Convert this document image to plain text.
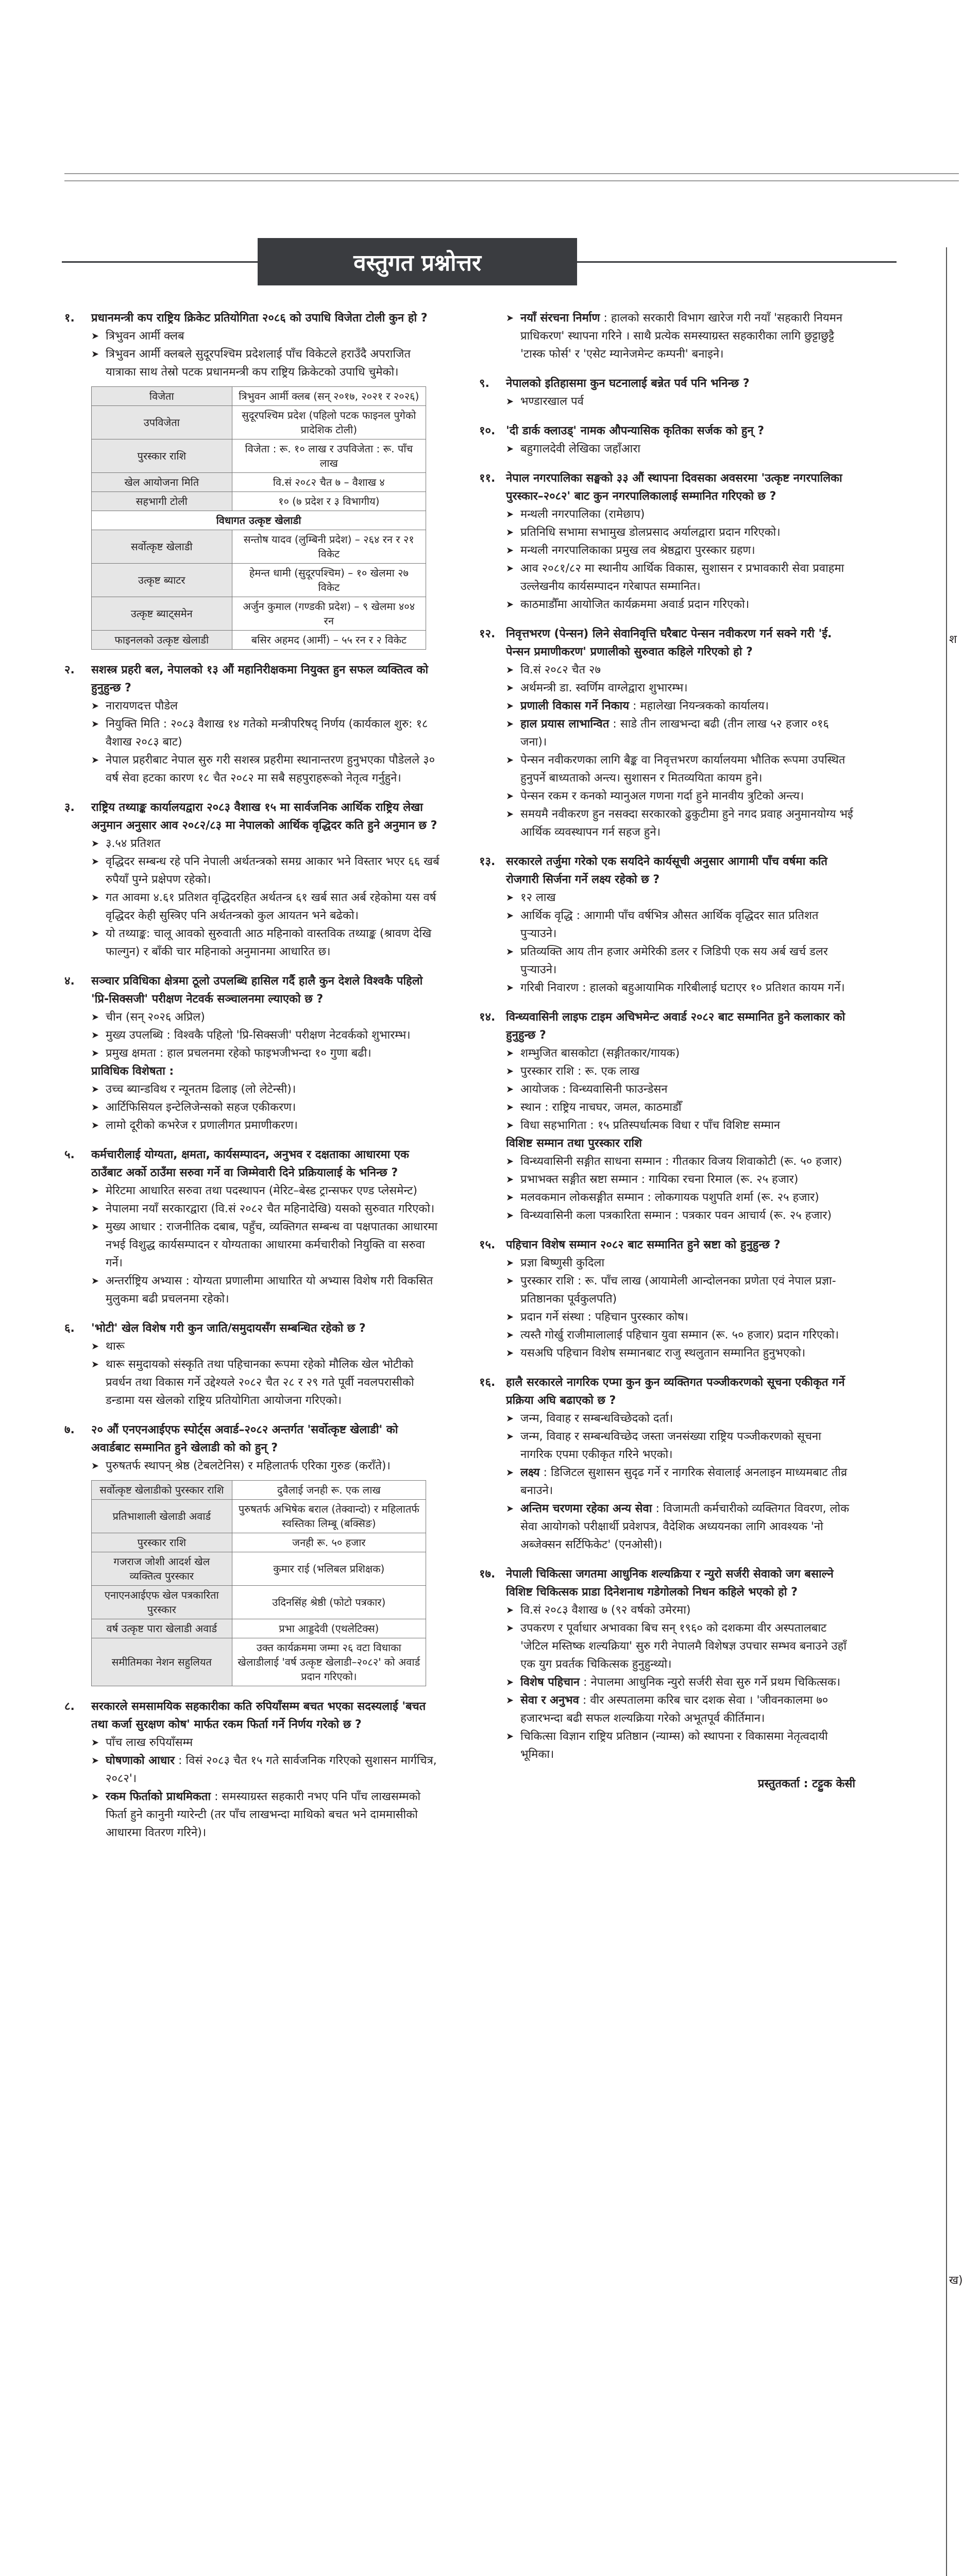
वस्तुगत प्रश्नोत्तर
१.	प्रधानमन्त्री कप राष्ट्रिय क्रिकेट प्रतियोगिता २०८६ को उपाधि विजेता टोली कुन हो ?
➤ त्रिभुवन आर्मी क्लब
➤ त्रिभुवन आर्मी क्लबले सुदूरपश्चिम प्रदेशलाई पाँच विकेटले हराउँदै अपराजित यात्राका साथ तेस्रो पटक प्रधानमन्त्री कप राष्ट्रिय क्रिकेटको उपाधि चुमेको।
विजेता	त्रिभुवन आर्मी क्लब (सन् २०१७, २०२१ र २०२६)
उपविजेता	सुदूरपश्चिम प्रदेश (पहिलो पटक फाइनल पुगेको प्रादेशिक टोली)
पुरस्कार राशि	विजेता : रू. १० लाख र उपविजेता : रू. पाँच लाख
खेल आयोजना मिति	वि.सं २०८२ चैत ७ – वैशाख ४
सहभागी टोली	१० (७ प्रदेश र ३ विभागीय)
विधागत उत्कृष्ट खेलाडी	
सर्वोत्कृष्ट खेलाडी	सन्तोष यादव (लुम्बिनी प्रदेश) – २६४ रन र २१ विकेट
उत्कृष्ट ब्याटर	हेमन्त धामी (सुदूरपश्चिम) – १० खेलमा २७ विकेट
उत्कृष्ट ब्याट्समेन	अर्जुन कुमाल (गण्डकी प्रदेश) – ९ खेलमा ४०४ रन
फाइनलको उत्कृष्ट खेलाडी	बसिर अहमद (आर्मी) – ५५ रन र २ विकेट
२.	सशस्त्र प्रहरी बल, नेपालको १३ औं महानिरीक्षकमा नियुक्त हुन सफल व्यक्तित्व को हुनुहुन्छ ?
➤ नारायणदत्त पौडेल
➤ नियुक्ति मिति : २०८३ वैशाख १४ गतेको मन्त्रीपरिषद् निर्णय (कार्यकाल शुरु: १८ वैशाख २०८३ बाट)
➤ नेपाल प्रहरीबाट नेपाल सुरु गरी सशस्त्र प्रहरीमा स्थानान्तरण हुनुभएका पौडेलले ३० वर्ष सेवा हटका कारण १८ चैत २०८२ मा सबै सहपुराहरूको नेतृत्व गर्नुहुने।
३.	राष्ट्रिय तथ्याङ्क कार्यालयद्वारा २०८३ वैशाख १५ मा सार्वजनिक आर्थिक राष्ट्रिय लेखा अनुमान अनुसार आव २०८२/८३ मा नेपालको आर्थिक वृद्धिदर कति हुने अनुमान छ ?
➤ ३.५४ प्रतिशत
➤ वृद्धिदर सम्बन्ध रहे पनि नेपाली अर्थतन्त्रको समग्र आकार भने विस्तार भएर ६६ खर्ब रुपैयाँ पुग्ने प्रक्षेपण रहेको।
➤ गत आवमा ४.६१ प्रतिशत वृद्धिदरहित अर्थतन्त्र ६१ खर्ब सात अर्ब रहेकोमा यस वर्ष वृद्धिदर केही सुस्त्रिए पनि अर्थतन्त्रको कुल आयतन भने बढेको।
➤ यो तथ्याङ्क: चालू आवको सुरुवाती आठ महिनाको वास्तविक तथ्याङ्क (श्रावण देखि फाल्गुन) र बाँकी चार महिनाको अनुमानमा आधारित छ।
४.	सञ्चार प्रविधिका क्षेत्रमा ठूलो उपलब्धि हासिल गर्दै हालै कुन देशले विश्वकै पहिलो 'प्रि-सिक्सजी' परीक्षण नेटवर्क सञ्चालनमा ल्याएको छ ?
➤ चीन (सन् २०२६ अप्रिल)
➤ मुख्य उपलब्धि : विश्वकै पहिलो 'प्रि-सिक्सजी' परीक्षण नेटवर्कको शुभारम्भ।
➤ प्रमुख क्षमता : हाल प्रचलनमा रहेको फाइभजीभन्दा १० गुणा बढी।

प्राविधिक विशेषता :

➤ उच्च ब्यान्डविथ र न्यूनतम ढिलाइ (लो लेटेन्सी)।
➤ आर्टिफिसियल इन्टेलिजेन्सको सहज एकीकरण।
➤ लामो दूरीको कभरेज र प्रणालीगत प्रमाणीकरण।
५.	कर्मचारीलाई योग्यता, क्षमता, कार्यसम्पादन, अनुभव र दक्षताका आधारमा एक ठाउँबाट अर्को ठाउँमा सरुवा गर्ने वा जिम्मेवारी दिने प्रक्रियालाई के भनिन्छ ?
➤ मेरिटमा आधारित सरुवा तथा पदस्थापन (मेरिट–बेस्ड ट्रान्सफर एण्ड प्लेसमेन्ट)
➤ नेपालमा नयाँ सरकारद्वारा (वि.सं २०८२ चैत महिनादेखि) यसको सुरुवात गरिएको।
➤ मुख्य आधार : राजनीतिक दबाब, पहुँच, व्यक्तिगत सम्बन्ध वा पक्षपातका आधारमा नभई विशुद्ध कार्यसम्पादन र योग्यताका आधारमा कर्मचारीको नियुक्ति वा सरुवा गर्ने।
➤ अन्तर्राष्ट्रिय अभ्यास : योग्यता प्रणालीमा आधारित यो अभ्यास विशेष गरी विकसित मुलुकमा बढी प्रचलनमा रहेको।
६.	'भोटी' खेल विशेष गरी कुन जाति/समुदायसँग सम्बन्धित रहेको छ ?
➤ थारू
➤ थारू समुदायको संस्कृति तथा पहिचानका रूपमा रहेको मौलिक खेल भोटीको प्रवर्धन तथा विकास गर्ने उद्देश्यले २०८२ चैत २८ र २९ गते पूर्वी नवलपरासीको डन्डामा यस खेलको राष्ट्रिय प्रतियोगिता आयोजना गरिएको।
७.	२० औं एनएनआईएफ स्पोर्ट्स अवार्ड–२०८२ अन्तर्गत 'सर्वोत्कृष्ट खेलाडी' को अवार्डबाट सम्मानित हुने खेलाडी को को हुन् ?
➤ पुरुषतर्फ स्थापन् श्रेष्ठ (टेबलटेनिस) र महिलातर्फ एरिका गुरुङ (कराँते)।
सर्वोत्कृष्ट खेलाडीको पुरस्कार राशि	दुवैलाई जनही रू. एक लाख
प्रतिभाशाली खेलाडी अवार्ड	पुरुषतर्फ अभिषेक बराल (तेक्वान्दो) र महिलातर्फ स्वस्तिका लिम्बू (बक्सिङ)
पुरस्कार राशि	जनही रू. ५० हजार
गजराज जोशी आदर्श खेल व्यक्तित्व पुरस्कार	कुमार राई (भलिबल प्रशिक्षक)
एनाएनआईएफ खेल पत्रकारिता पुरस्कार	उदिनसिंह श्रेष्ठी (फोटो पत्रकार)
वर्ष उत्कृष्ट पारा खेलाडी अवार्ड	प्रभा आड्डदेवी (एथलेटिक्स)
समीतिमका नेशन सहुलियत	उक्त कार्यक्रममा जम्मा २६ वटा विधाका खेलाडीलाई 'वर्ष उत्कृष्ट खेलाडी–२०८२' को अवार्ड प्रदान गरिएको।
८.	सरकारले समसामयिक सहकारीका कति रुपियाँसम्म बचत भएका सदस्यलाई 'बचत तथा कर्जा सुरक्षण कोष' मार्फत रकम फिर्ता गर्ने निर्णय गरेको छ ?
➤ पाँच लाख रुपियाँसम्म
➤ घोषणाको आधार : विसं २०८३ चैत १५ गते सार्वजनिक गरिएको सुशासन मार्गचित्र, २०८२'।
➤ रकम फिर्ताको प्राथमिकता : समस्याग्रस्त सहकारी नभए पनि पाँच लाखसम्मको फिर्ता हुने कानुनी ग्यारेन्टी (तर पाँच लाखभन्दा माथिको बचत भने दाममासीको आधारमा वितरण गरिने)।
➤ नयाँ संरचना निर्माण : हालको सरकारी विभाग खारेज गरी नयाँ 'सहकारी नियमन प्राधिकरण' स्थापना गरिने । साथै प्रत्येक समस्याग्रस्त सहकारीका लागि छुट्टाछुट्टै 'टास्क फोर्स' र 'एसेट म्यानेजमेन्ट कम्पनी' बनाइने।
९.	नेपालको इतिहासमा कुन घटनालाई बन्नेत पर्व पनि भनिन्छ ?
➤ भण्डारखाल पर्व
१०. 'दी डार्क क्लाउड्' नामक औपन्यासिक कृतिका सर्जक को हुन् ?
➤ बहुगालदेवी लेखिका जहाँआरा
११. नेपाल नगरपालिका सङ्घको ३३ औं स्थापना दिवसका अवसरमा 'उत्कृष्ट नगरपालिका पुरस्कार–२०८२' बाट कुन नगरपालिकालाई सम्मानित गरिएको छ ?
➤ मन्थली नगरपालिका (रामेछाप)
➤ प्रतिनिधि सभामा सभामुख डोलप्रसाद अर्यालद्वारा प्रदान गरिएको।
➤ मन्थली नगरपालिकाका प्रमुख लव श्रेष्ठद्वारा पुरस्कार ग्रहण।
➤ आव २०८१/८२ मा स्थानीय आर्थिक विकास, सुशासन र प्रभावकारी सेवा प्रवाहमा उल्लेखनीय कार्यसम्पादन गरेबापत सम्मानित।
➤ काठमाडौँमा आयोजित कार्यक्रममा अवार्ड प्रदान गरिएको।
१२. निवृत्तभरण (पेन्सन) लिने सेवानिवृत्ति घरैबाट पेन्सन नवीकरण गर्न सक्ने गरी 'ई. पेन्सन प्रमाणीकरण' प्रणालीको सुरुवात कहिले गरिएको हो ?
➤ वि.सं २०८२ चैत २७
➤ अर्थमन्त्री डा. स्वर्णिम वाग्लेद्वारा शुभारम्भ।
➤ प्रणाली विकास गर्ने निकाय : महालेखा नियन्त्रकको कार्यालय।
➤ हाल प्रयास लाभान्वित : साडे तीन लाखभन्दा बढी (तीन लाख ५२ हजार ०१६ जना)।
➤ पेन्सन नवीकरणका लागि बैङ्क वा निवृत्तभरण कार्यालयमा भौतिक रूपमा उपस्थित हुनुपर्ने बाध्यताको अन्त्य। सुशासन र मितव्ययिता कायम हुने।
➤ पेन्सन रकम र कनको म्यानुअल गणना गर्दा हुने मानवीय त्रुटिको अन्त्य।
➤ समयमै नवीकरण हुन नसक्दा सरकारको ढुकुटीमा हुने नगद प्रवाह अनुमानयोग्य भई आर्थिक व्यवस्थापन गर्न सहज हुने।
१३. सरकारले तर्जुमा गरेको एक सयदिने कार्यसूची अनुसार आगामी पाँच वर्षमा कति रोजगारी सिर्जना गर्ने लक्ष्य रहेको छ ?
➤ १२ लाख
➤ आर्थिक वृद्धि : आगामी पाँच वर्षभित्र औसत आर्थिक वृद्धिदर सात प्रतिशत पुऱ्याउने।
➤ प्रतिव्यक्ति आय तीन हजार अमेरिकी डलर र जिडिपी एक सय अर्ब खर्च डलर पुऱ्याउने।
➤ गरिबी निवारण : हालको बहुआयामिक गरिबीलाई घटाएर १० प्रतिशत कायम गर्ने।
१४. विन्ध्यवासिनी लाइफ टाइम अचिभमेन्ट अवार्ड २०८२ बाट सम्मानित हुने कलाकार को हुनुहुन्छ ?
➤ शम्भुजित बासकोटा (सङ्गीतकार/गायक)
➤ पुरस्कार राशि : रू. एक लाख
➤ आयोजक : विन्ध्यवासिनी फाउन्डेसन
➤ स्थान : राष्ट्रिय नाचघर, जमल, काठमाडौँ
➤ विधा सहभागिता : १५ प्रतिस्पर्धात्मक विधा र पाँच विशिष्ट सम्मान

विशिष्ट सम्मान तथा पुरस्कार राशि

➤ विन्ध्यवासिनी सङ्गीत साधना सम्मान : गीतकार विजय शिवाकोटी (रू. ५० हजार)
➤ प्रभाभक्त सङ्गीत स्रष्टा सम्मान : गायिका रचना रिमाल (रू. २५ हजार)
➤ मलवकमान लोकसङ्गीत सम्मान : लोकगायक पशुपति शर्मा (रू. २५ हजार)
➤ विन्ध्यवासिनी कला पत्रकारिता सम्मान : पत्रकार पवन आचार्य (रू. २५ हजार)
१५. पहिचान विशेष सम्मान २०८२ बाट सम्मानित हुने स्रष्टा को हुनुहुन्छ ?
➤ प्रज्ञा बिष्णुसी कुदिला
➤ पुरस्कार राशि : रू. पाँच लाख (आयामेली आन्दोलनका प्रणेता एवं नेपाल प्रज्ञा-प्रतिष्ठानका पूर्वकुलपति)
➤ प्रदान गर्ने संस्था : पहिचान पुरस्कार कोष।
➤ त्यस्तै गोर्खु राजीमालालाई पहिचान युवा सम्मान (रू. ५० हजार) प्रदान गरिएको।
➤ यसअघि पहिचान विशेष सम्मानबाट राजु स्थलुतान सम्मानित हुनुभएको।
१६. हालै सरकारले नागरिक एप्मा कुन कुन व्यक्तिगत पञ्जीकरणको सूचना एकीकृत गर्ने प्रक्रिया अघि बढाएको छ ?
➤ जन्म, विवाह र सम्बन्धविच्छेदको दर्ता।
➤ जन्म, विवाह र सम्बन्धविच्छेद जस्ता जनसंख्या राष्ट्रिय पञ्जीकरणको सूचना नागरिक एपमा एकीकृत गरिने भएको।
➤ लक्ष्य : डिजिटल सुशासन सुदृढ गर्ने र नागरिक सेवालाई अनलाइन माध्यमबाट तीव्र बनाउने।
➤ अन्तिम चरणमा रहेका अन्य सेवा : विजामती कर्मचारीको व्यक्तिगत विवरण, लोक सेवा आयोगको परीक्षार्थी प्रवेशपत्र, वैदेशिक अध्ययनका लागि आवश्यक 'नो अब्जेक्सन सर्टिफिकेट' (एनओसी)।
१७. नेपाली चिकित्सा जगतमा आधुनिक शल्यक्रिया र न्युरो सर्जरी सेवाको जग बसाल्ने विशिष्ट चिकित्सक प्राडा दिनेशनाथ गडेगोलको निधन कहिले भएको हो ?
➤ वि.सं २०८३ वैशाख ७ (९२ वर्षको उमेरमा)
➤ उपकरण र पूर्वाधार अभावका बिच सन् १९६० को दशकमा वीर अस्पतालबाट 'जेटिल मस्तिष्क शल्यक्रिया' सुरु गरी नेपालमै विशेषज्ञ उपचार सम्भव बनाउने उहाँ एक युग प्रवर्तक चिकित्सक हुनुहुन्थ्यो।
➤ विशेष पहिचान : नेपालमा आधुनिक न्युरो सर्जरी सेवा सुरु गर्ने प्रथम चिकित्सक।
➤ सेवा र अनुभव : वीर अस्पतालमा करिब चार दशक सेवा । 'जीवनकालमा ७० हजारभन्दा बढी सफल शल्यक्रिया गरेको अभूतपूर्व कीर्तिमान।
➤ चिकित्सा विज्ञान राष्ट्रिय प्रतिष्ठान (न्याम्स) को स्थापना र विकासमा नेतृत्वदायी भूमिका।
प्रस्तुतकर्ता : टट्टुक केसी
श
ख)
